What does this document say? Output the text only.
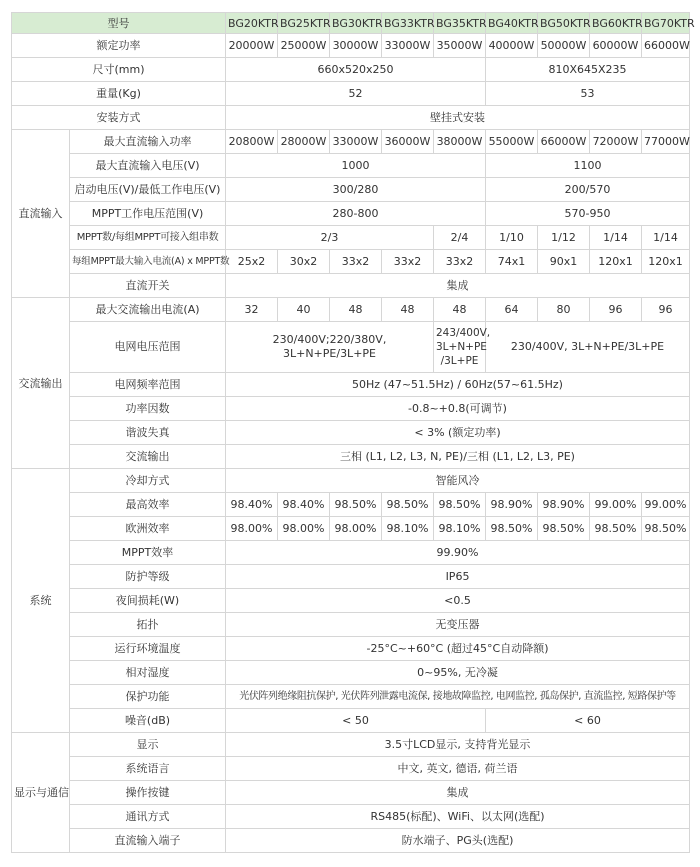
型号		BG20KTR	BG25KTR	BG30KTR	BG33KTR	BG35KTR	BG40KTR	BG50KTR	BG60KTR	BG70KTR
额定功率		20000W	25000W	30000W	33000W	35000W	40000W	50000W	60000W	66000W
尺寸(mm)		660x520x250					810X645X235			
重量(Kg)		52					53			
安装方式		壁挂式安装								
直流输入	最大直流输入功率	20800W	28000W	33000W	36000W	38000W	55000W	66000W	72000W	77000W
	最大直流输入电压(V)	1000					1100			
	启动电压(V)/最低工作电压(V)	300/280					200/570			
	MPPT工作电压范围(V)	280-800					570-950			
	MPPT数/每组MPPT可接入组串数	2/3				2/4	1/10	1/12	1/14	1/14
	每组MPPT最大输入电流(A) x MPPT数	25x2	30x2	33x2	33x2	33x2	74x1	90x1	120x1	120x1
	直流开关	集成								
交流输出	最大交流输出电流(A)	32	40	48	48	48	64	80	96	96
	电网电压范围	230/400V;220/380V, 3L+N+PE/3L+PE				243/400V, 3L+N+PE /3L+PE	230/400V, 3L+N+PE/3L+PE			
	电网频率范围	50Hz (47~51.5Hz) / 60Hz(57~61.5Hz)								
	功率因数	-0.8~+0.8(可调节)								
	谐波失真	< 3% (额定功率)								
	交流输出	三相 (L1, L2, L3, N, PE)/三相 (L1, L2, L3, PE)								
系统	冷却方式	智能风冷								
	最高效率	98.40%	98.40%	98.50%	98.50%	98.50%	98.90%	98.90%	99.00%	99.00%
	欧洲效率	98.00%	98.00%	98.00%	98.10%	98.10%	98.50%	98.50%	98.50%	98.50%
	MPPT效率	99.90%								
	防护等级	IP65								
	夜间损耗(W)	<0.5								
	拓扑	无变压器								
	运行环境温度	-25°C~+60°C (超过45°C自动降额)								
	相对湿度	0~95%, 无冷凝								
	保护功能	光伏阵列绝缘阻抗保护, 光伏阵列泄露电流保, 接地故障监控, 电网监控, 孤岛保护, 直流监控, 短路保护等								
	噪音(dB)	< 50					< 60			
显示与通信	显示	3.5寸LCD显示, 支持背光显示								
	系统语言	中文, 英文, 德语, 荷兰语								
	操作按键	集成								
	通讯方式	RS485(标配)、WiFi、以太网(选配)								
	直流输入端子	防水端子、PG头(选配)								
